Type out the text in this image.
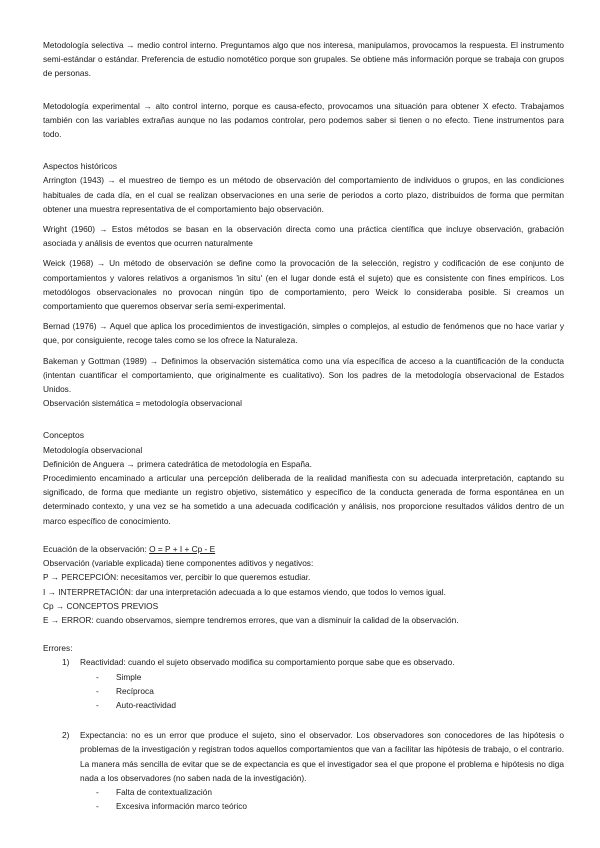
Metodología selectiva → medio control interno. Preguntamos algo que nos interesa, manipulamos, provocamos la respuesta. El instrumento semi-estándar o estándar. Preferencia de estudio nomotético porque son grupales. Se obtiene más información porque se trabaja con grupos de personas.

Metodología experimental → alto control interno, porque es causa-efecto, provocamos una situación para obtener X efecto. Trabajamos también con las variables extrañas aunque no las podamos controlar, pero podemos saber si tienen o no efecto. Tiene instrumentos para todo.

Aspectos históricos

Arrington (1943) → el muestreo de tiempo es un método de observación del comportamiento de individuos o grupos, en las condiciones habituales de cada día, en el cual se realizan observaciones en una serie de periodos a corto plazo, distribuidos de forma que permitan obtener una muestra representativa de el comportamiento bajo observación.

Wright (1960) → Estos métodos se basan en la observación directa como una práctica científica que incluye observación, grabación asociada y análisis de eventos que ocurren naturalmente

Weick (1968) → Un método de observación se define como la provocación de la selección, registro y codificación de ese conjunto de comportamientos y valores relativos a organismos 'in situ' (en el lugar donde está el sujeto) que es consistente con fines empíricos. Los metodólogos observacionales no provocan ningún tipo de comportamiento, pero Weick lo consideraba posible. Si creamos un comportamiento que queremos observar sería semi-experimental.

Bernad (1976) → Aquel que aplica los procedimientos de investigación, simples o complejos, al estudio de fenómenos que no hace variar y que, por consiguiente, recoge tales como se los ofrece la Naturaleza.

Bakeman y Gottman (1989) → Definimos la observación sistemática como una vía específica de acceso a la cuantificación de la conducta (intentan cuantificar el comportamiento, que originalmente es cualitativo). Son los padres de la metodología observacional de Estados Unidos.

Observación sistemática = metodología observacional

Conceptos

Metodología observacional

Definición de Anguera → primera catedrática de metodología en España.

Procedimiento encaminado a articular una percepción deliberada de la realidad manifiesta con su adecuada interpretación, captando su significado, de forma que mediante un registro objetivo, sistemático y específico de la conducta generada de forma espontánea en un determinado contexto, y una vez se ha sometido a una adecuada codificación y análisis, nos proporcione resultados válidos dentro de un marco específico de conocimiento.

Ecuación de la observación: O = P + I + Cp - E

Observación (variable explicada) tiene componentes aditivos y negativos:

P → PERCEPCIÓN: necesitamos ver, percibir lo que queremos estudiar.

I → INTERPRETACIÓN: dar una interpretación adecuada a lo que estamos viendo, que todos lo vemos igual.

Cp → CONCEPTOS PREVIOS

E → ERROR: cuando observamos, siempre tendremos errores, que van a disminuir la calidad de la observación.

Errores:

1) Reactividad: cuando el sujeto observado modifica su comportamiento porque sabe que es observado.
- Simple
- Recíproca
- Auto-reactividad
2) Expectancia: no es un error que produce el sujeto, sino el observador. Los observadores son conocedores de las hipótesis o problemas de la investigación y registran todos aquellos comportamientos que van a facilitar las hipótesis de trabajo, o el contrario. La manera más sencilla de evitar que se de expectancia es que el investigador sea el que propone el problema e hipótesis no diga nada a los observadores (no saben nada de la investigación).
- Falta de contextualización
- Excesiva información marco teórico
